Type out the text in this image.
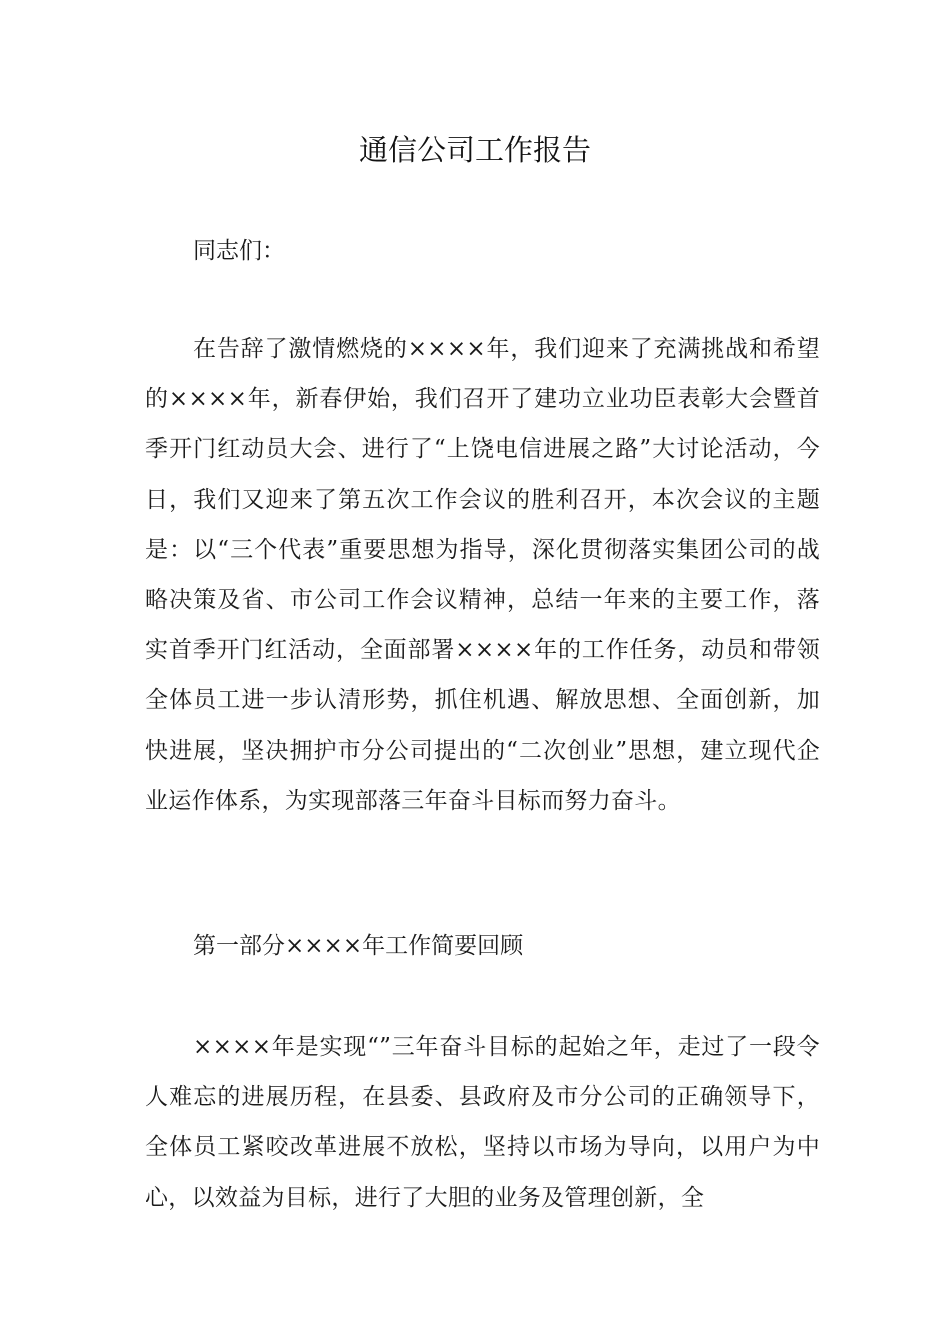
通信公司工作报告

同志们：

在告辞了激情燃烧的××××年，我们迎来了充满挑战和希望的××××年，新春伊始，我们召开了建功立业功臣表彰大会暨首季开门红动员大会、进行了“上饶电信进展之路”大讨论活动，今日，我们又迎来了第五次工作会议的胜利召开，本次会议的主题是：以“三个代表”重要思想为指导，深化贯彻落实集团公司的战略决策及省、市公司工作会议精神，总结一年来的主要工作，落实首季开门红活动，全面部署××××年的工作任务，动员和带领全体员工进一步认清形势，抓住机遇、解放思想、全面创新，加快进展，坚决拥护市分公司提出的“二次创业”思想，建立现代企业运作体系，为实现部落三年奋斗目标而努力奋斗。

第一部分××××年工作简要回顾

××××年是实现“”三年奋斗目标的起始之年，走过了一段令人难忘的进展历程，在县委、县政府及市分公司的正确领导下，全体员工紧咬改革进展不放松，坚持以市场为导向，以用户为中心，以效益为目标，进行了大胆的业务及管理创新，全
